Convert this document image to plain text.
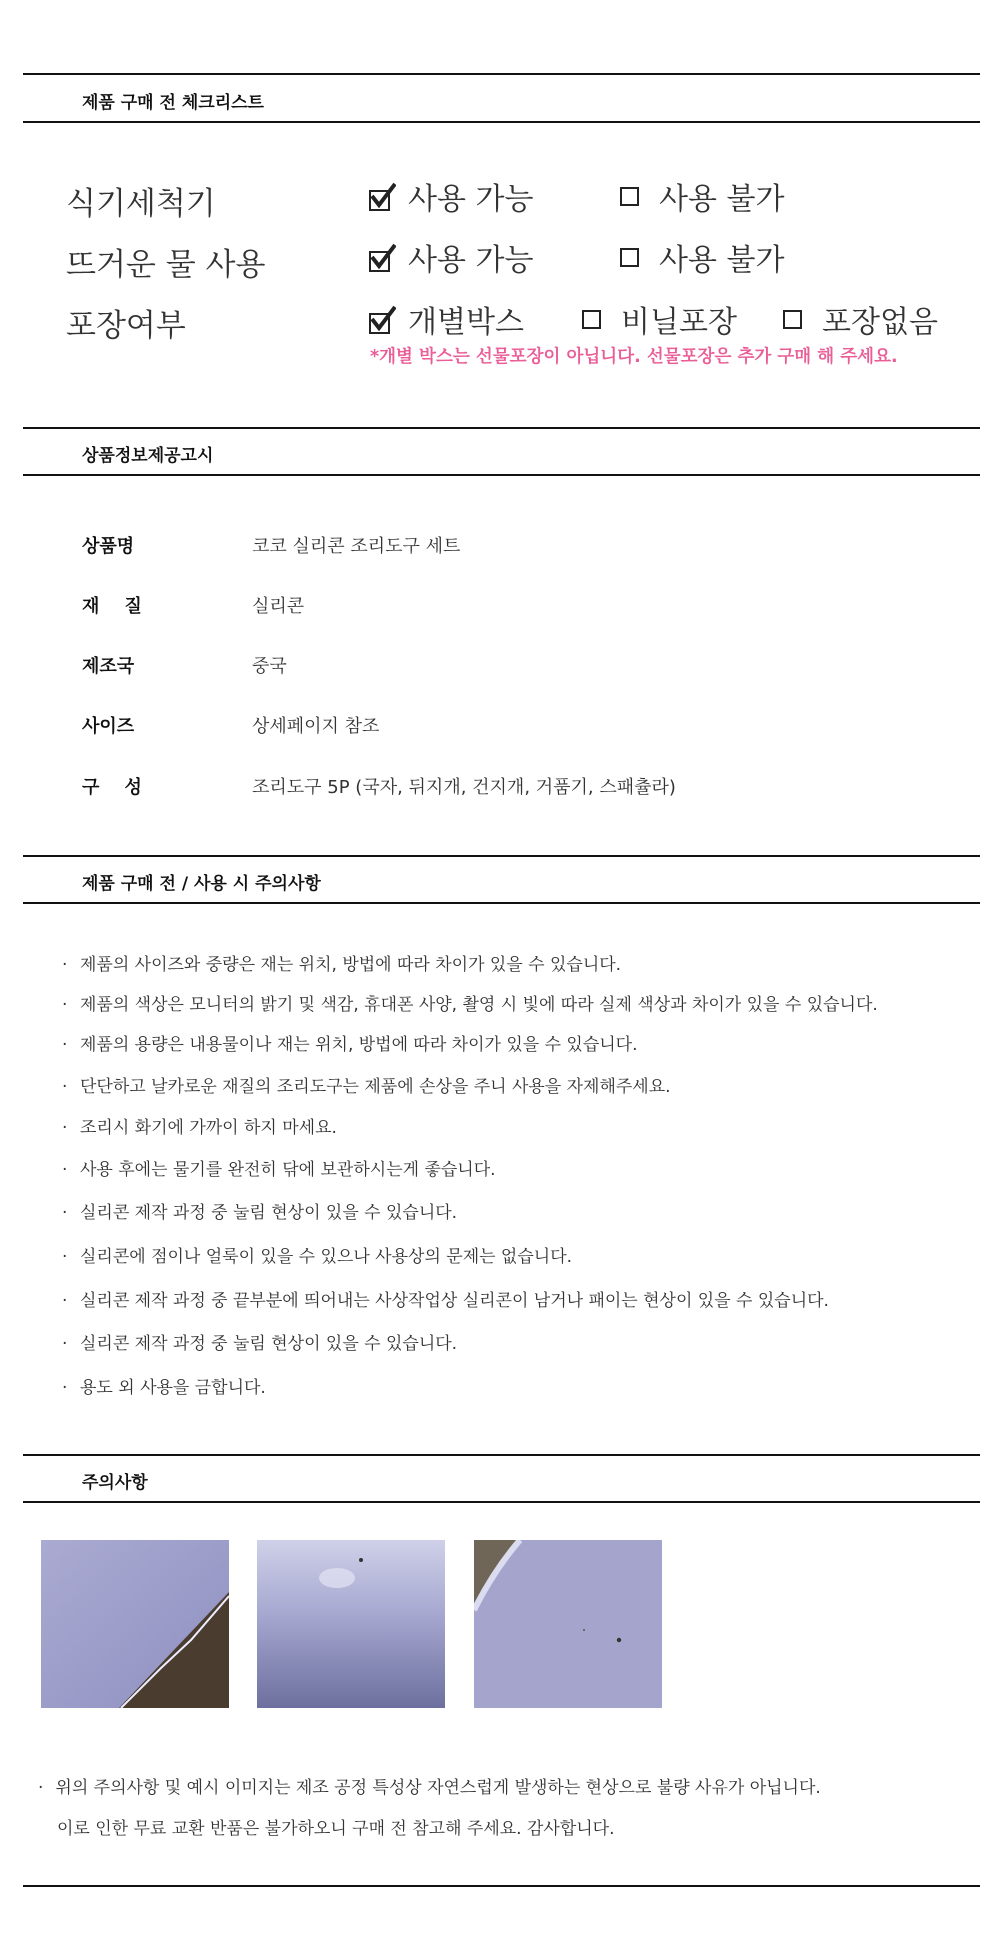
제품 구매 전 체크리스트
식기세척기	사용 가능	사용 불가
뜨거운 물 사용	사용 가능	사용 불가
포장여부	개별박스	비닐포장	포장없음
*개별 박스는 선물포장이 아닙니다. 선물포장은 추가 구매 해 주세요.
상품정보제공고시
상품명	코코 실리콘 조리도구 세트
재    질	실리콘
제조국	중국
사이즈	상세페이지 참조
구    성	조리도구 5P (국자, 뒤지개, 건지개, 거품기, 스패츌라)
제품 구매 전 / 사용 시 주의사항
· 제품의 사이즈와 중량은 재는 위치, 방법에 따라 차이가 있을 수 있습니다.
· 제품의 색상은 모니터의 밝기 및 색감, 휴대폰 사양, 촬영 시 빛에 따라 실제 색상과 차이가 있을 수 있습니다.
· 제품의 용량은 내용물이나 재는 위치, 방법에 따라 차이가 있을 수 있습니다.
· 단단하고 날카로운 재질의 조리도구는 제품에 손상을 주니 사용을 자제해주세요.
· 조리시 화기에 가까이 하지 마세요.
· 사용 후에는 물기를 완전히 닦에 보관하시는게 좋습니다.
· 실리콘 제작 과정 중 눌림 현상이 있을 수 있습니다.
· 실리콘에 점이나 얼룩이 있을 수 있으나 사용상의 문제는 없습니다.
· 실리콘 제작 과정 중 끝부분에 띄어내는 사상작업상 실리콘이 남거나 패이는 현상이 있을 수 있습니다.
· 실리콘 제작 과정 중 눌림 현상이 있을 수 있습니다.
· 용도 외 사용을 금합니다.
주의사항
· 위의 주의사항 및 예시 이미지는 제조 공정 특성상 자연스럽게 발생하는 현상으로 불량 사유가 아닙니다.
이로 인한 무료 교환 반품은 불가하오니 구매 전 참고해 주세요. 감사합니다.
